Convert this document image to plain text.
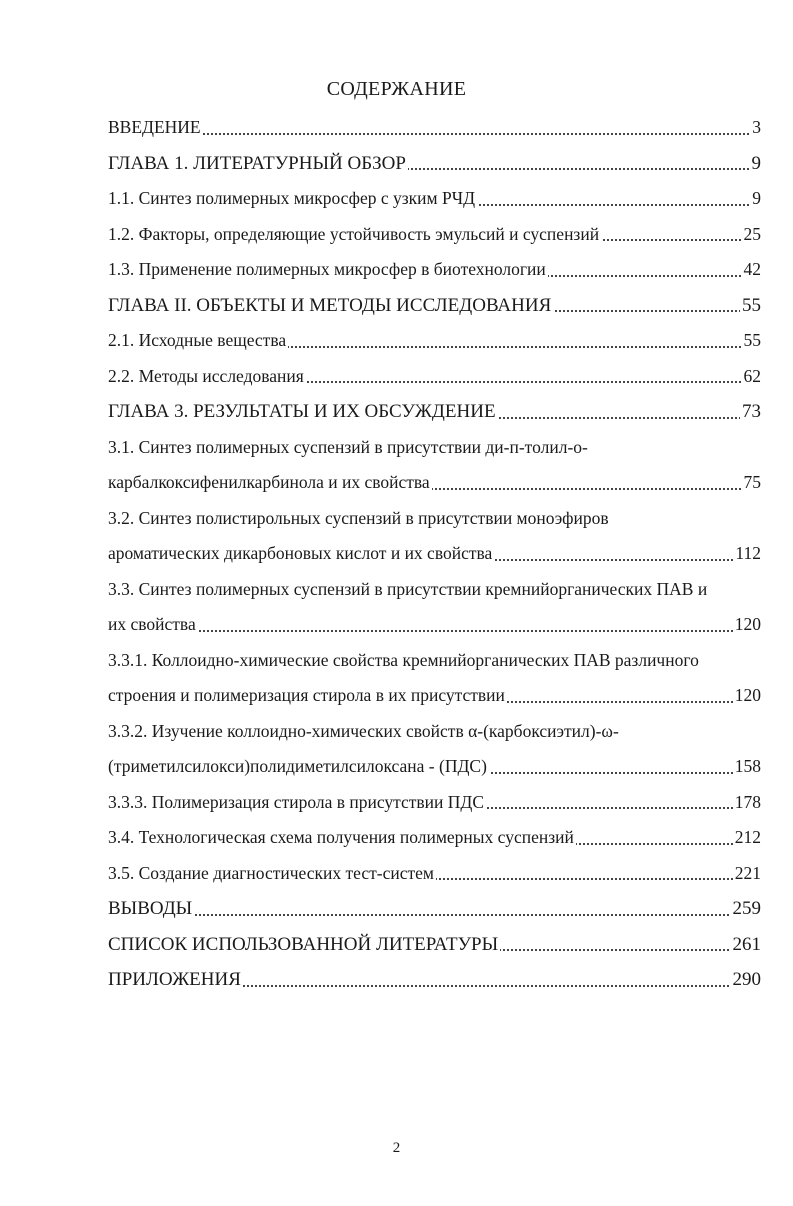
СОДЕРЖАНИЕ
ВВЕДЕНИЕ	3
ГЛАВА 1. ЛИТЕРАТУРНЫЙ ОБЗОР	9
1.1. Синтез полимерных микросфер с узким РЧД	9
1.2. Факторы, определяющие устойчивость эмульсий и суспензий	25
1.3. Применение полимерных микросфер в биотехнологии	42
ГЛАВА II. ОБЪЕКТЫ И МЕТОДЫ ИССЛЕДОВАНИЯ	55
2.1. Исходные вещества	55
2.2. Методы исследования	62
ГЛАВА 3. РЕЗУЛЬТАТЫ И ИХ ОБСУЖДЕНИЕ	73
3.1. Синтез полимерных суспензий в присутствии ди-п-толил-о-
карбалкоксифенилкарбинола и их свойства	75
3.2. Синтез полистирольных суспензий в присутствии моноэфиров
ароматических дикарбоновых кислот и их свойства	112
3.3. Синтез полимерных суспензий в присутствии кремнийорганических ПАВ и
их свойства	120
3.3.1. Коллоидно-химические свойства кремнийорганических ПАВ различного
строения и полимеризация стирола в их присутствии	120
3.3.2. Изучение коллоидно-химических свойств α-(карбоксиэтил)-ω-
(триметилсилокси)полидиметилсилоксана - (ПДС)	158
3.3.3. Полимеризация стирола в присутствии ПДС	178
3.4. Технологическая схема получения полимерных суспензий	212
3.5. Создание диагностических тест-систем	221
ВЫВОДЫ	259
СПИСОК ИСПОЛЬЗОВАННОЙ ЛИТЕРАТУРЫ	261
ПРИЛОЖЕНИЯ	290
2
